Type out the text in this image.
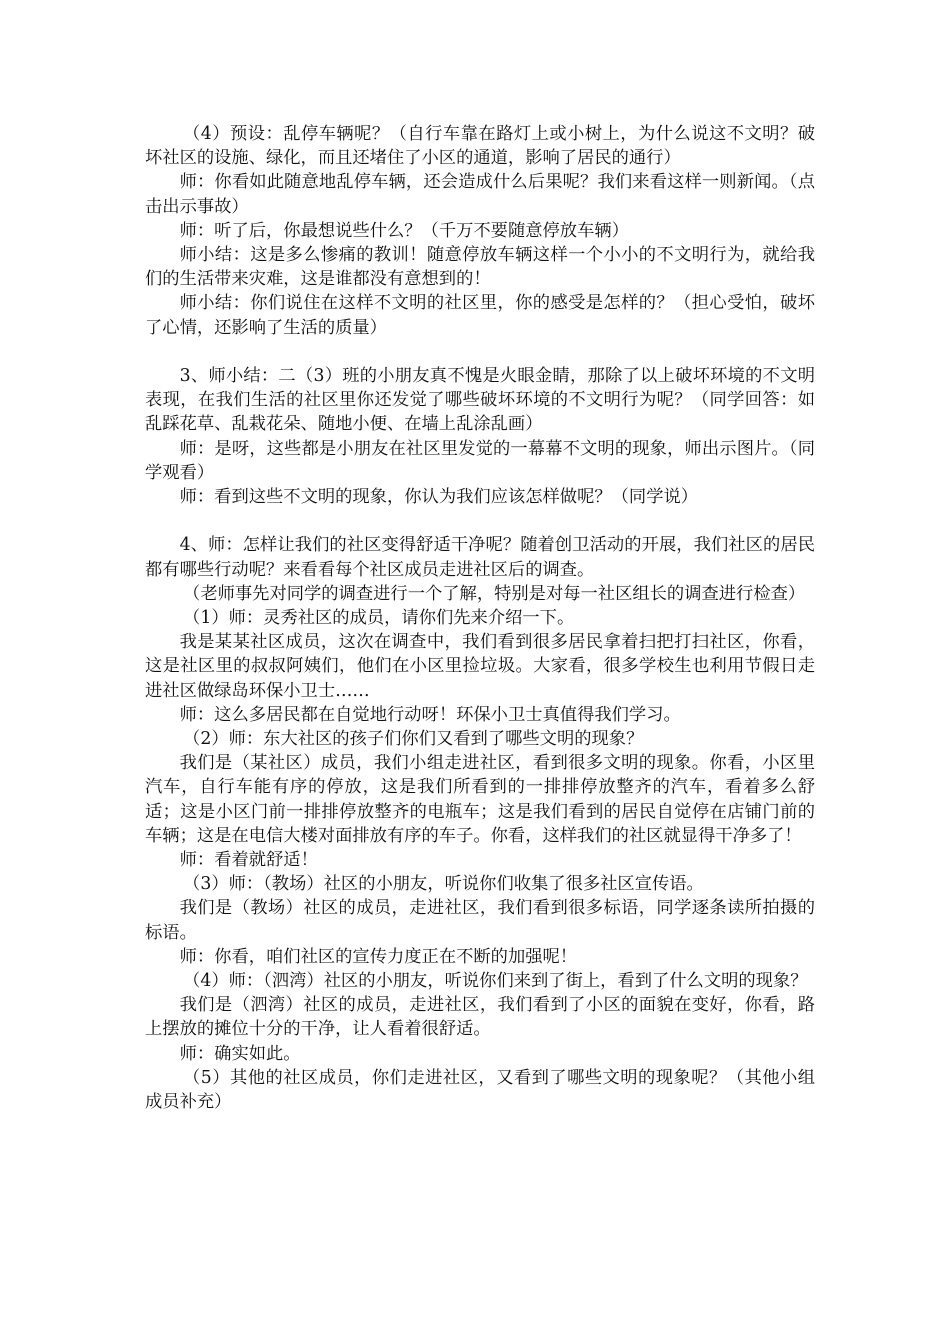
（4）预设：乱停车辆呢？（自行车靠在路灯上或小树上，为什么说这不文明？破坏社区的设施、绿化，而且还堵住了小区的通道，影响了居民的通行）

师：你看如此随意地乱停车辆，还会造成什么后果呢？我们来看这样一则新闻。（点击出示事故）

师：听了后，你最想说些什么？（千万不要随意停放车辆）

师小结：这是多么惨痛的教训！随意停放车辆这样一个小小的不文明行为，就给我们的生活带来灾难，这是谁都没有意想到的！

师小结：你们说住在这样不文明的社区里，你的感受是怎样的？（担心受怕，破坏了心情，还影响了生活的质量）

3、师小结：二（3）班的小朋友真不愧是火眼金睛，那除了以上破坏环境的不文明表现，在我们生活的社区里你还发觉了哪些破坏环境的不文明行为呢？（同学回答：如乱踩花草、乱栽花朵、随地小便、在墙上乱涂乱画）

师：是呀，这些都是小朋友在社区里发觉的一幕幕不文明的现象，师出示图片。（同学观看）

师：看到这些不文明的现象，你认为我们应该怎样做呢？（同学说）

4、师：怎样让我们的社区变得舒适干净呢？随着创卫活动的开展，我们社区的居民都有哪些行动呢？来看看每个社区成员走进社区后的调查。

（老师事先对同学的调查进行一个了解，特别是对每一社区组长的调查进行检查）

（1）师：灵秀社区的成员，请你们先来介绍一下。

我是某某社区成员，这次在调查中，我们看到很多居民拿着扫把打扫社区，你看，这是社区里的叔叔阿姨们，他们在小区里捡垃圾。大家看，很多学校生也利用节假日走进社区做绿岛环保小卫士……

师：这么多居民都在自觉地行动呀！环保小卫士真值得我们学习。

（2）师：东大社区的孩子们你们又看到了哪些文明的现象？

我们是（某社区）成员，我们小组走进社区，看到很多文明的现象。你看，小区里汽车，自行车能有序的停放，这是我们所看到的一排排停放整齐的汽车，看着多么舒适；这是小区门前一排排停放整齐的电瓶车；这是我们看到的居民自觉停在店铺门前的车辆；这是在电信大楼对面排放有序的车子。你看，这样我们的社区就显得干净多了！

师：看着就舒适！

（3）师：（教场）社区的小朋友，听说你们收集了很多社区宣传语。

我们是（教场）社区的成员，走进社区，我们看到很多标语，同学逐条读所拍摄的标语。

师：你看，咱们社区的宣传力度正在不断的加强呢！

（4）师：（泗湾）社区的小朋友，听说你们来到了街上，看到了什么文明的现象？

我们是（泗湾）社区的成员，走进社区，我们看到了小区的面貌在变好，你看，路上摆放的摊位十分的干净，让人看着很舒适。

师：确实如此。

（5）其他的社区成员，你们走进社区，又看到了哪些文明的现象呢？（其他小组成员补充）
